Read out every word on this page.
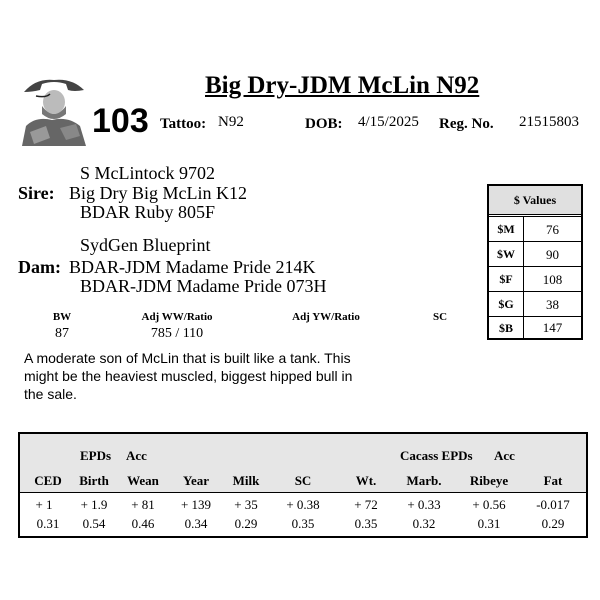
Big Dry-JDM McLin N92
103 Tattoo: N92	DOB: 4/15/2025 Reg. No. 21515803
S McLintock 9702
Sire: Big Dry Big McLin K12
BDAR Ruby 805F
SydGen Blueprint
Dam: BDAR-JDM Madame Pride 214K
BDAR-JDM Madame Pride 073H
BW	Adj WW/Ratio	Adj YW/Ratio	SC
87	785 / 110
$ Values
$M	76
$W	90
$F	108
$G	38
$B	147
A moderate son of McLin that is built like a tank. This might be the heaviest muscled, biggest hipped bull in the sale.
EPDs Acc	Cacass EPDs Acc
CED	Birth	Wean	Year	Milk	SC	Wt.	Marb.	Ribeye	Fat
+ 1	+ 1.9	+ 81	+ 139	+ 35	+ 0.38	+ 72	+ 0.33	+ 0.56	-0.017
0.31	0.54	0.46	0.34	0.29	0.35	0.35	0.32	0.31	0.29
